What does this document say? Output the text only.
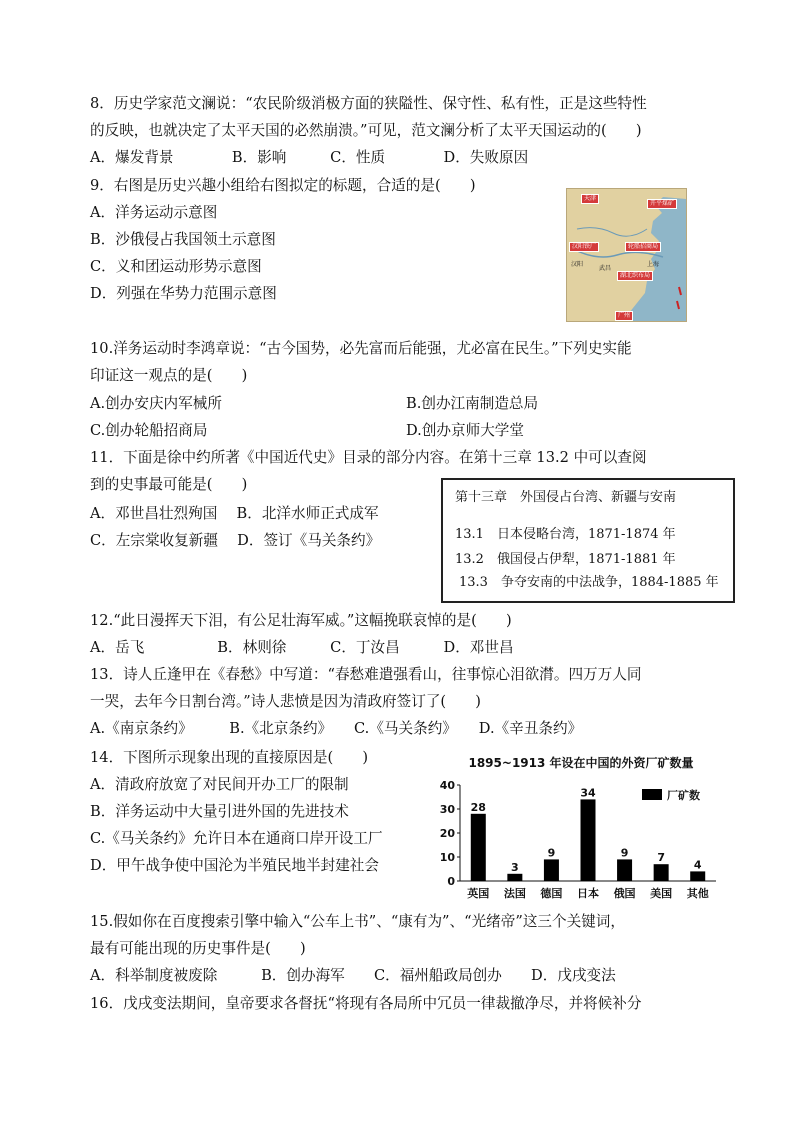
8．历史学家范文澜说：“农民阶级消极方面的狭隘性、保守性、私有性，正是这些特性
的反映，也就决定了太平天国的必然崩溃。”可见，范文澜分析了太平天国运动的(　　)
A．爆发背景　　　　B．影响　　　C．性质　　　　D．失败原因
9．右图是历史兴趣小组给右图拟定的标题，合适的是(　　)
A．洋务运动示意图
B．沙俄侵占我国领土示意图
C．义和团运动形势示意图
D．列强在华势力范围示意图
天津
开平煤矿
汉阳铁厂	轮船招商局
汉阳
武昌
上海
湖北织布局
广州
10.洋务运动时李鸿章说：“古今国势，必先富而后能强，尤必富在民生。”下列史实能
印证这一观点的是(　　)
A.创办安庆内军械所	B.创办江南制造总局
C.创办轮船招商局	D.创办京师大学堂
11．下面是徐中约所著《中国近代史》目录的部分内容。在第十三章 13.2 中可以查阅
到的史事最可能是(　　)
A．邓世昌壮烈殉国　 B．北洋水师正式成军
C．左宗棠收复新疆　 D．签订《马关条约》
第十三章　外国侵占台湾、新疆与安南
13.1　日本侵略台湾，1871-1874 年
13.2　俄国侵占伊犁，1871-1881 年
13.3　争夺安南的中法战争，1884-1885 年
12.“此日漫挥天下泪，有公足壮海军威。”这幅挽联哀悼的是(　　)
A．岳飞　　　　　B．林则徐　　　C．丁汝昌　　　D．邓世昌
13．诗人丘逢甲在《春愁》中写道：“春愁难遣强看山，往事惊心泪欲潸。四万万人同
一哭，去年今日割台湾。”诗人悲愤是因为清政府签订了(　　)
A.《南京条约》　　　B.《北京条约》　　C.《马关条约》　　D.《辛丑条约》
14．下图所示现象出现的直接原因是(　　)
A．清政府放宽了对民间开办工厂的限制
B．洋务运动中大量引进外国的先进技术
C.《马关条约》允许日本在通商口岸开设工厂
D．甲午战争使中国沦为半殖民地半封建社会
1895~1913 年设在中国的外资厂矿数量
0
10
20
30
40
28
英国
3
法国
9
德国
34
日本
9
俄国
7
美国
4
其他
厂矿数
15.假如你在百度搜索引擎中输入“公车上书”、“康有为”、“光绪帝”这三个关键词，
最有可能出现的历史事件是(　　)
A．科举制度被废除　　　B．创办海军　　C．福州船政局创办　　D．戊戌变法
16．戊戌变法期间，皇帝要求各督抚“将现有各局所中冗员一律裁撤净尽，并将候补分
